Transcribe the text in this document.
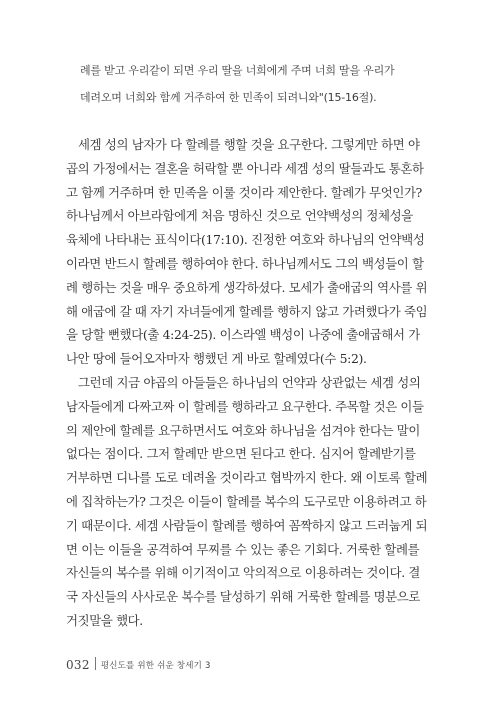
례를 받고 우리같이 되면 우리 딸을 너희에게 주며 너희 딸을 우리가
데려오며 너희와 함께 거주하여 한 민족이 되려니와"(15-16절).
　세겜 성의 남자가 다 할례를 행할 것을 요구한다. 그렇게만 하면 야
곱의 가정에서는 결혼을 허락할 뿐 아니라 세겜 성의 딸들과도 통혼하
고 함께 거주하며 한 민족을 이룰 것이라 제안한다. 할례가 무엇인가?
하나님께서 아브라함에게 처음 명하신 것으로 언약백성의 정체성을
육체에 나타내는 표식이다(17:10). 진정한 여호와 하나님의 언약백성
이라면 반드시 할례를 행하여야 한다. 하나님께서도 그의 백성들이 할
례 행하는 것을 매우 중요하게 생각하셨다. 모세가 출애굽의 역사를 위
해 애굽에 갈 때 자기 자녀들에게 할례를 행하지 않고 가려했다가 죽임
을 당할 뻔했다(출 4:24-25). 이스라엘 백성이 나중에 출애굽해서 가
나안 땅에 들어오자마자 행했던 게 바로 할례였다(수 5:2).
　그런데 지금 야곱의 아들들은 하나님의 언약과 상관없는 세겜 성의
남자들에게 다짜고짜 이 할례를 행하라고 요구한다. 주목할 것은 이들
의 제안에 할례를 요구하면서도 여호와 하나님을 섬겨야 한다는 말이
없다는 점이다. 그저 할례만 받으면 된다고 한다. 심지어 할례받기를
거부하면 디나를 도로 데려올 것이라고 협박까지 한다. 왜 이토록 할례
에 집착하는가? 그것은 이들이 할례를 복수의 도구로만 이용하려고 하
기 때문이다. 세겜 사람들이 할례를 행하여 꼼짝하지 않고 드러눕게 되
면 이는 이들을 공격하여 무찌를 수 있는 좋은 기회다. 거룩한 할례를
자신들의 복수를 위해 이기적이고 악의적으로 이용하려는 것이다. 결
국 자신들의 사사로운 복수를 달성하기 위해 거룩한 할례를 명분으로
거짓말을 했다.
032 평신도를 위한 쉬운 창세기 3
